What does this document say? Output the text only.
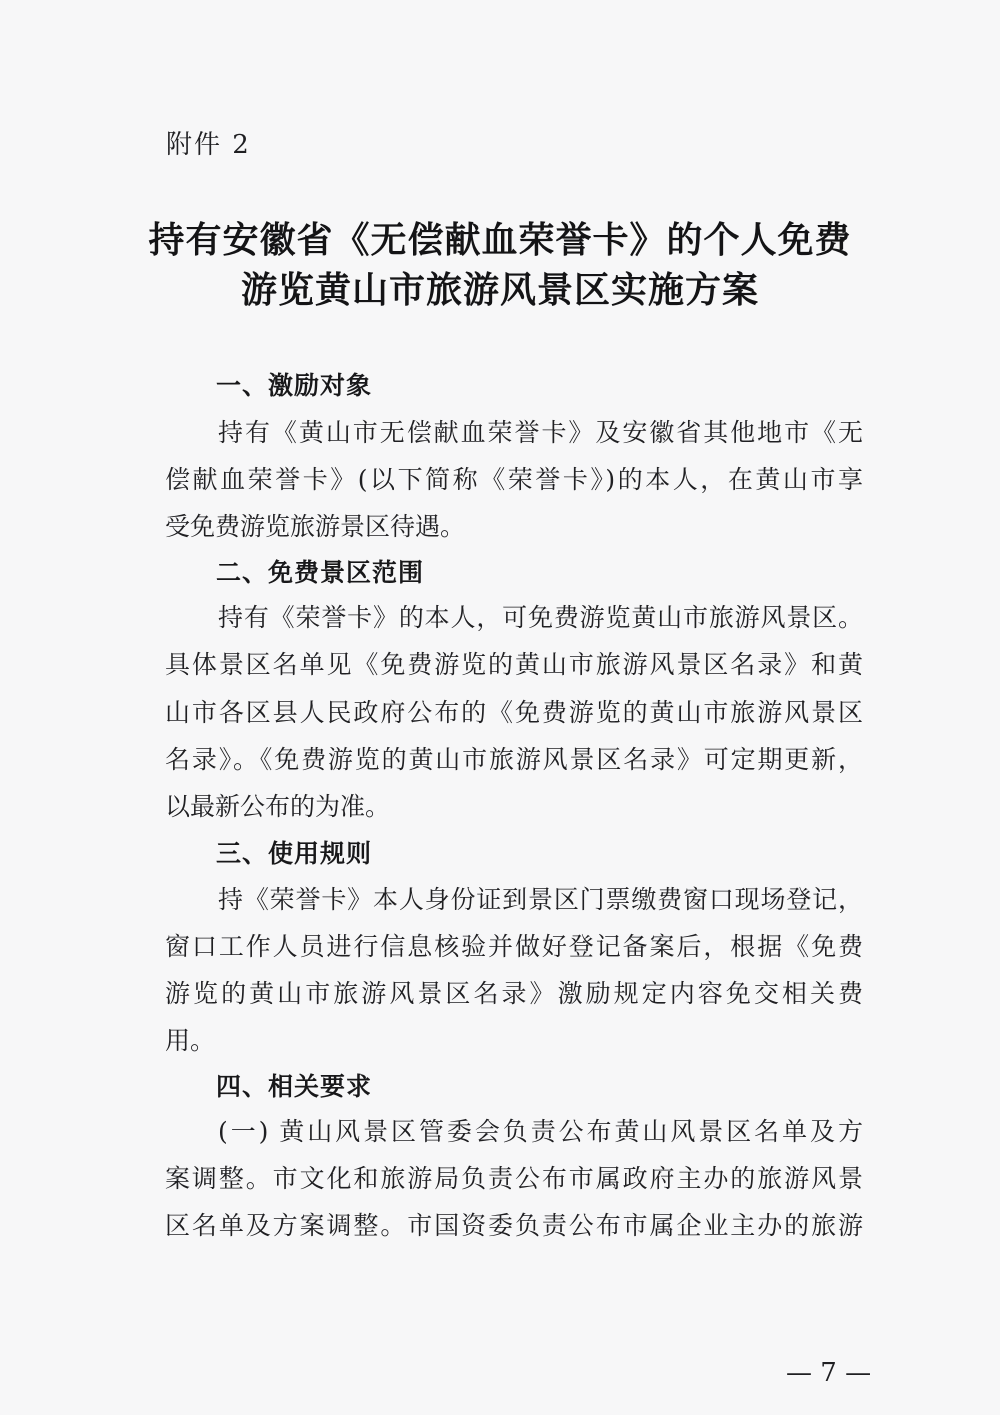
附件 2
持有安徽省《无偿献血荣誉卡》的个人免费
游览黄山市旅游风景区实施方案
一、激励对象
持有《黄山市无偿献血荣誉卡》及安徽省其他地市《无
偿献血荣誉卡》(以下简称《荣誉卡》)的本人，在黄山市享
受免费游览旅游景区待遇。
二、免费景区范围
持有《荣誉卡》的本人，可免费游览黄山市旅游风景区。
具体景区名单见《免费游览的黄山市旅游风景区名录》和黄
山市各区县人民政府公布的《免费游览的黄山市旅游风景区
名录》。《免费游览的黄山市旅游风景区名录》可定期更新，
以最新公布的为准。
三、使用规则
持《荣誉卡》本人身份证到景区门票缴费窗口现场登记，
窗口工作人员进行信息核验并做好登记备案后，根据《免费
游览的黄山市旅游风景区名录》激励规定内容免交相关费
用。
四、相关要求
(一) 黄山风景区管委会负责公布黄山风景区名单及方
案调整。市文化和旅游局负责公布市属政府主办的旅游风景
区名单及方案调整。市国资委负责公布市属企业主办的旅游
— 7 —
